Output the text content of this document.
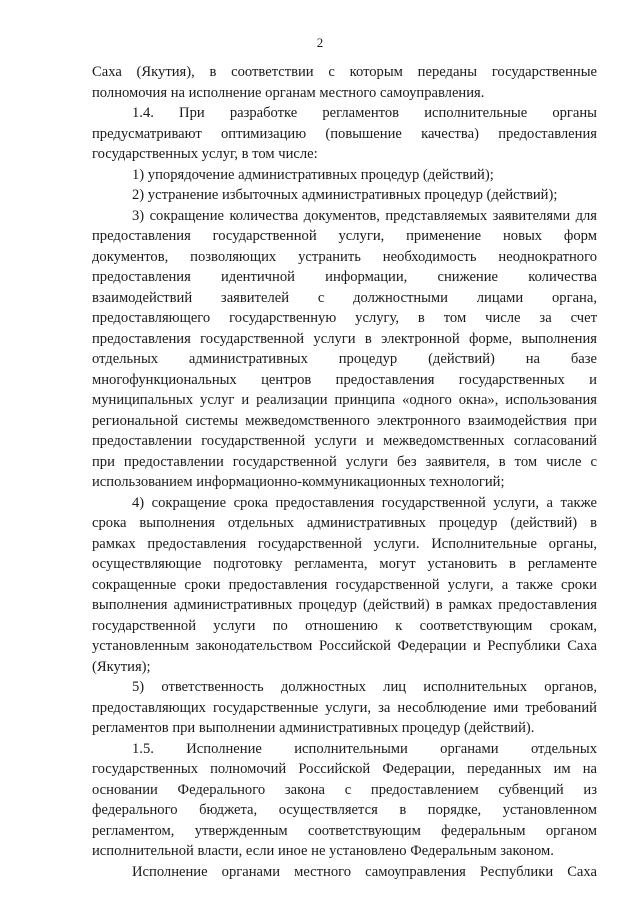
2
Саха (Якутия), в соответствии с которым переданы государственные
полномочия на исполнение органам местного самоуправления.
1.4. При разработке регламентов исполнительные органы
предусматривают оптимизацию (повышение качества) предоставления
государственных услуг, в том числе:
1) упорядочение административных процедур (действий);
2) устранение избыточных административных процедур (действий);
3) сокращение количества документов, представляемых заявителями для
предоставления государственной услуги, применение новых форм
документов, позволяющих устранить необходимость неоднократного
предоставления идентичной информации, снижение количества
взаимодействий заявителей с должностными лицами органа,
предоставляющего государственную услугу, в том числе за счет
предоставления государственной услуги в электронной форме, выполнения
отдельных административных процедур (действий) на базе
многофункциональных центров предоставления государственных и
муниципальных услуг и реализации принципа «одного окна», использования
региональной системы межведомственного электронного взаимодействия при
предоставлении государственной услуги и межведомственных согласований
при предоставлении государственной услуги без заявителя, в том числе с
использованием информационно-коммуникационных технологий;
4) сокращение срока предоставления государственной услуги, а также
срока выполнения отдельных административных процедур (действий) в
рамках предоставления государственной услуги. Исполнительные органы,
осуществляющие подготовку регламента, могут установить в регламенте
сокращенные сроки предоставления государственной услуги, а также сроки
выполнения административных процедур (действий) в рамках предоставления
государственной услуги по отношению к соответствующим срокам,
установленным законодательством Российской Федерации и Республики Саха
(Якутия);
5) ответственность должностных лиц исполнительных органов,
предоставляющих государственные услуги, за несоблюдение ими требований
регламентов при выполнении административных процедур (действий).
1.5. Исполнение исполнительными органами отдельных
государственных полномочий Российской Федерации, переданных им на
основании Федерального закона с предоставлением субвенций из
федерального бюджета, осуществляется в порядке, установленном
регламентом, утвержденным соответствующим федеральным органом
исполнительной власти, если иное не установлено Федеральным законом.
Исполнение органами местного самоуправления Республики Саха
